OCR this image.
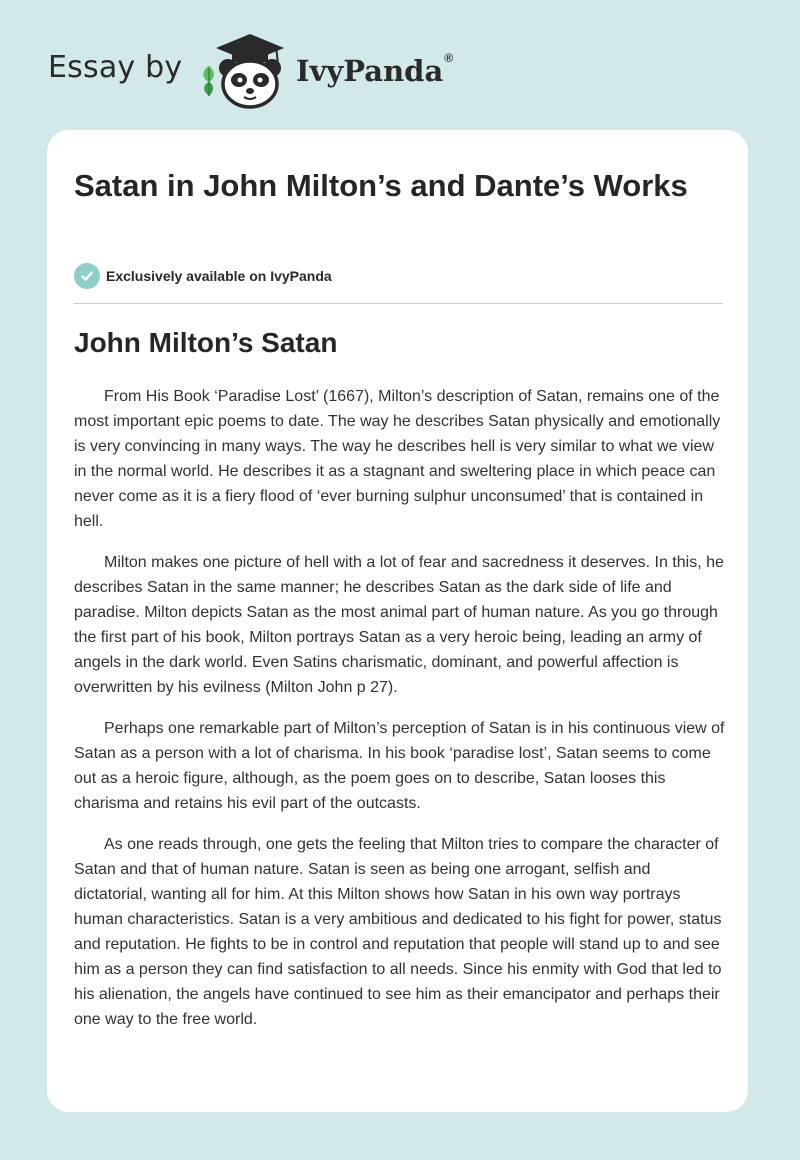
Essay by	IvyPanda®
Satan in John Milton’s and Dante’s Works
Exclusively available on IvyPanda
John Milton’s Satan

From His Book ‘Paradise Lost’ (1667), Milton’s description of Satan, remains one of the most important epic poems to date. The way he describes Satan physically and emotionally is very convincing in many ways. The way he describes hell is very similar to what we view in the normal world. He describes it as a stagnant and sweltering place in which peace can never come as it is a fiery flood of ‘ever burning sulphur unconsumed’ that is contained in hell.

Milton makes one picture of hell with a lot of fear and sacredness it deserves. In this, he describes Satan in the same manner; he describes Satan as the dark side of life and paradise. Milton depicts Satan as the most animal part of human nature. As you go through the first part of his book, Milton portrays Satan as a very heroic being, leading an army of angels in the dark world. Even Satins charismatic, dominant, and powerful affection is overwritten by his evilness (Milton John p 27).

Perhaps one remarkable part of Milton’s perception of Satan is in his continuous view of Satan as a person with a lot of charisma. In his book ‘paradise lost’, Satan seems to come out as a heroic figure, although, as the poem goes on to describe, Satan looses this charisma and retains his evil part of the outcasts.

As one reads through, one gets the feeling that Milton tries to compare the character of Satan and that of human nature. Satan is seen as being one arrogant, selfish and dictatorial, wanting all for him. At this Milton shows how Satan in his own way portrays human characteristics. Satan is a very ambitious and dedicated to his fight for power, status and reputation. He fights to be in control and reputation that people will stand up to and see him as a person they can find satisfaction to all needs. Since his enmity with God that led to his alienation, the angels have continued to see him as their emancipator and perhaps their one way to the free world.
